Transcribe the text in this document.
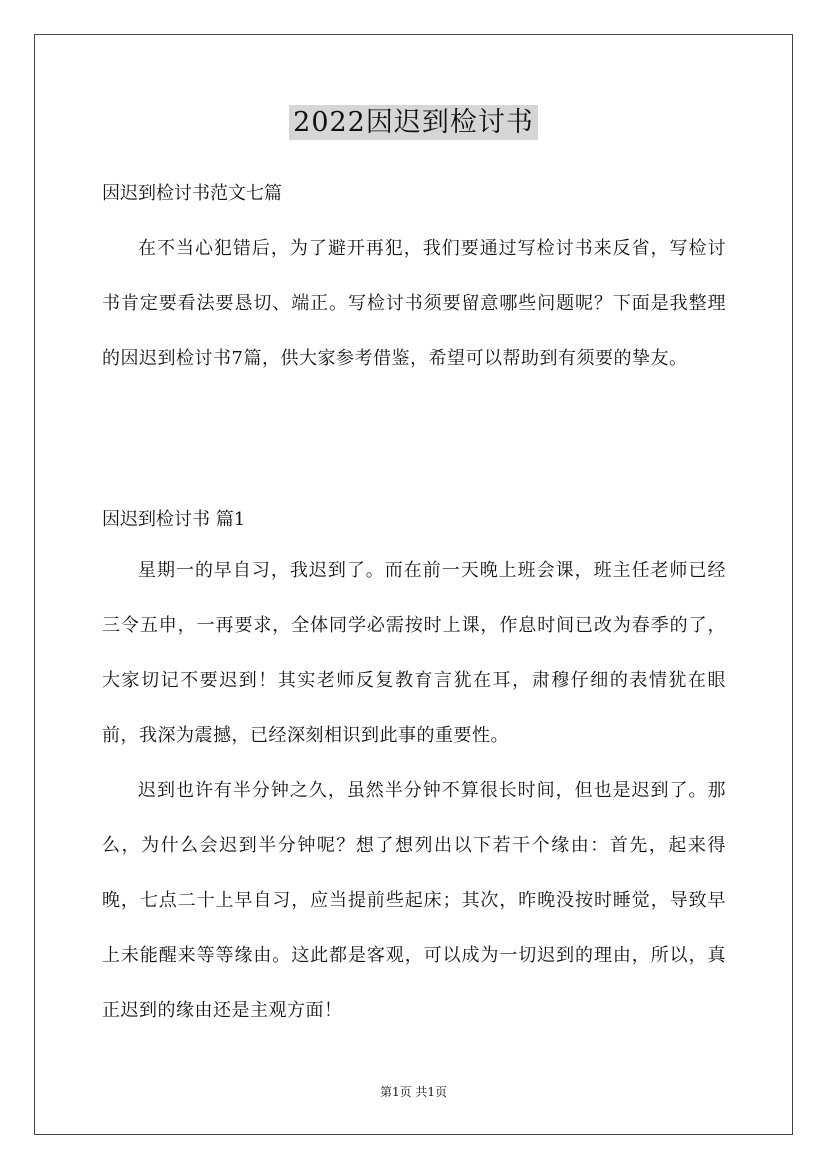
2022因迟到检讨书
因迟到检讨书范文七篇

在不当心犯错后，为了避开再犯，我们要通过写检讨书来反省，写检讨书肯定要看法要恳切、端正。写检讨书须要留意哪些问题呢？下面是我整理的因迟到检讨书7篇，供大家参考借鉴，希望可以帮助到有须要的挚友。

因迟到检讨书 篇1

星期一的早自习，我迟到了。而在前一天晚上班会课，班主任老师已经三令五申，一再要求，全体同学必需按时上课，作息时间已改为春季的了，大家切记不要迟到！其实老师反复教育言犹在耳，肃穆仔细的表情犹在眼前，我深为震撼，已经深刻相识到此事的重要性。

迟到也许有半分钟之久，虽然半分钟不算很长时间，但也是迟到了。那么，为什么会迟到半分钟呢？想了想列出以下若干个缘由：首先，起来得晚，七点二十上早自习，应当提前些起床；其次，昨晚没按时睡觉，导致早上未能醒来等等缘由。这此都是客观，可以成为一切迟到的理由，所以，真正迟到的缘由还是主观方面！

第1页 共1页
